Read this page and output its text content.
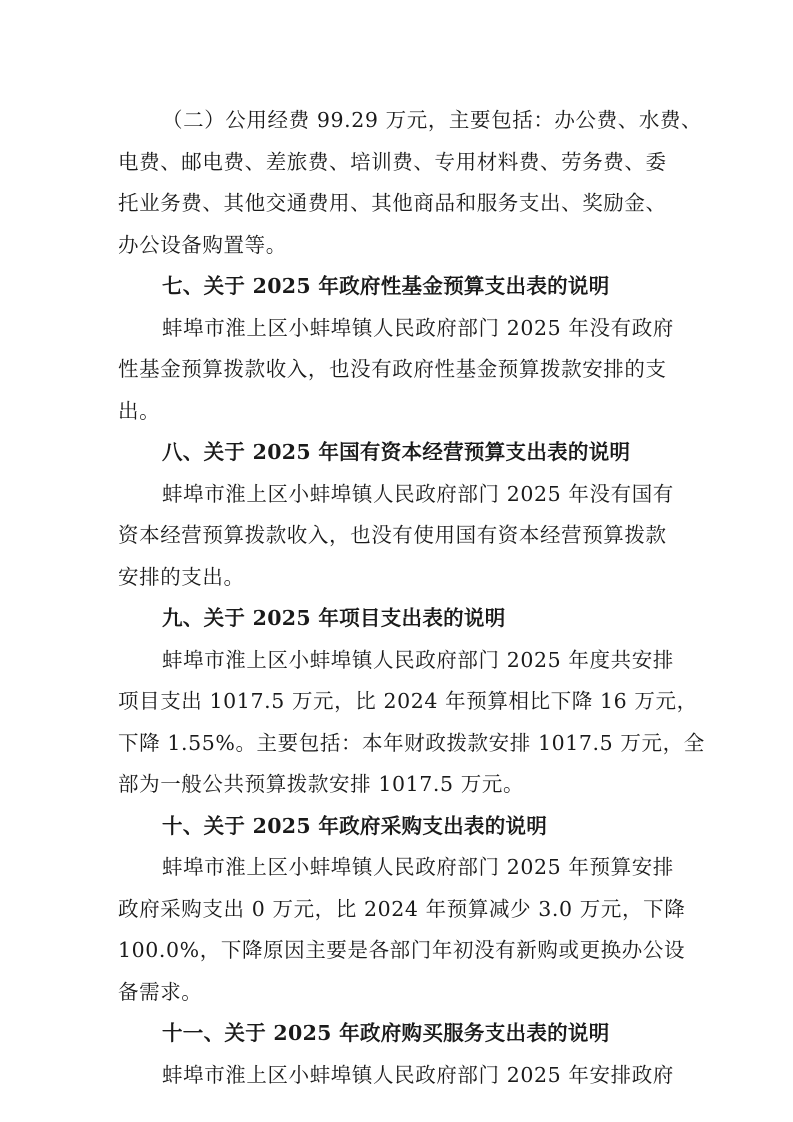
（二）公用经费 99.29 万元，主要包括：办公费、水费、
电费、邮电费、差旅费、培训费、专用材料费、劳务费、委
托业务费、其他交通费用、其他商品和服务支出、奖励金、
办公设备购置等。

七、关于 2025 年政府性基金预算支出表的说明

蚌埠市淮上区小蚌埠镇人民政府部门 2025 年没有政府
性基金预算拨款收入，也没有政府性基金预算拨款安排的支
出。

八、关于 2025 年国有资本经营预算支出表的说明

蚌埠市淮上区小蚌埠镇人民政府部门 2025 年没有国有
资本经营预算拨款收入，也没有使用国有资本经营预算拨款
安排的支出。

九、关于 2025 年项目支出表的说明

蚌埠市淮上区小蚌埠镇人民政府部门 2025 年度共安排
项目支出 1017.5 万元，比 2024 年预算相比下降 16 万元，
下降 1.55%。主要包括：本年财政拨款安排 1017.5 万元，全
部为一般公共预算拨款安排 1017.5 万元。

十、关于 2025 年政府采购支出表的说明

蚌埠市淮上区小蚌埠镇人民政府部门 2025 年预算安排
政府采购支出 0 万元，比 2024 年预算减少 3.0 万元，下降
100.0%，下降原因主要是各部门年初没有新购或更换办公设
备需求。

十一、关于 2025 年政府购买服务支出表的说明

蚌埠市淮上区小蚌埠镇人民政府部门 2025 年安排政府
